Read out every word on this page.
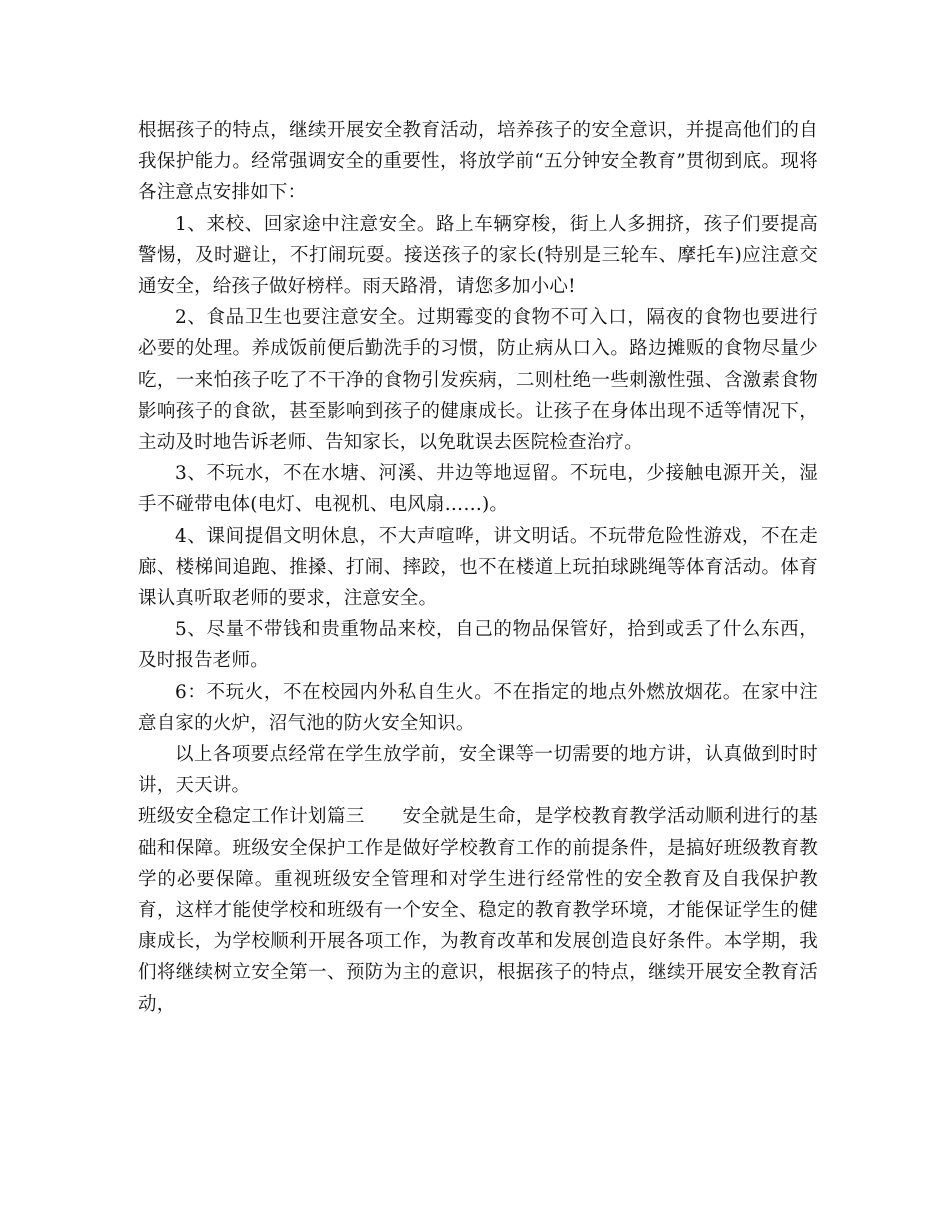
根据孩子的特点，继续开展安全教育活动，培养孩子的安全意识，并提高他们的自我保护能力。经常强调安全的重要性，将放学前“五分钟安全教育”贯彻到底。现将各注意点安排如下：

1、来校、回家途中注意安全。路上车辆穿梭，街上人多拥挤，孩子们要提高警惕，及时避让，不打闹玩耍。接送孩子的家长(特别是三轮车、摩托车)应注意交通安全，给孩子做好榜样。雨天路滑，请您多加小心!

2、食品卫生也要注意安全。过期霉变的食物不可入口，隔夜的食物也要进行必要的处理。养成饭前便后勤洗手的习惯，防止病从口入。路边摊贩的食物尽量少吃，一来怕孩子吃了不干净的食物引发疾病，二则杜绝一些刺激性强、含激素食物影响孩子的食欲，甚至影响到孩子的健康成长。让孩子在身体出现不适等情况下，主动及时地告诉老师、告知家长，以免耽误去医院检查治疗。

3、不玩水，不在水塘、河溪、井边等地逗留。不玩电，少接触电源开关，湿手不碰带电体(电灯、电视机、电风扇……)。

4、课间提倡文明休息，不大声喧哗，讲文明话。不玩带危险性游戏，不在走廊、楼梯间追跑、推搡、打闹、摔跤，也不在楼道上玩拍球跳绳等体育活动。体育课认真听取老师的要求，注意安全。

5、尽量不带钱和贵重物品来校，自己的物品保管好，拾到或丢了什么东西，及时报告老师。

6：不玩火，不在校园内外私自生火。不在指定的地点外燃放烟花。在家中注意自家的火炉，沼气池的防火安全知识。

以上各项要点经常在学生放学前，安全课等一切需要的地方讲，认真做到时时讲，天天讲。

班级安全稳定工作计划篇三　　安全就是生命，是学校教育教学活动顺利进行的基础和保障。班级安全保护工作是做好学校教育工作的前提条件，是搞好班级教育教学的必要保障。重视班级安全管理和对学生进行经常性的安全教育及自我保护教育，这样才能使学校和班级有一个安全、稳定的教育教学环境，才能保证学生的健康成长，为学校顺利开展各项工作，为教育改革和发展创造良好条件。本学期，我们将继续树立安全第一、预防为主的意识，根据孩子的特点，继续开展安全教育活动，
